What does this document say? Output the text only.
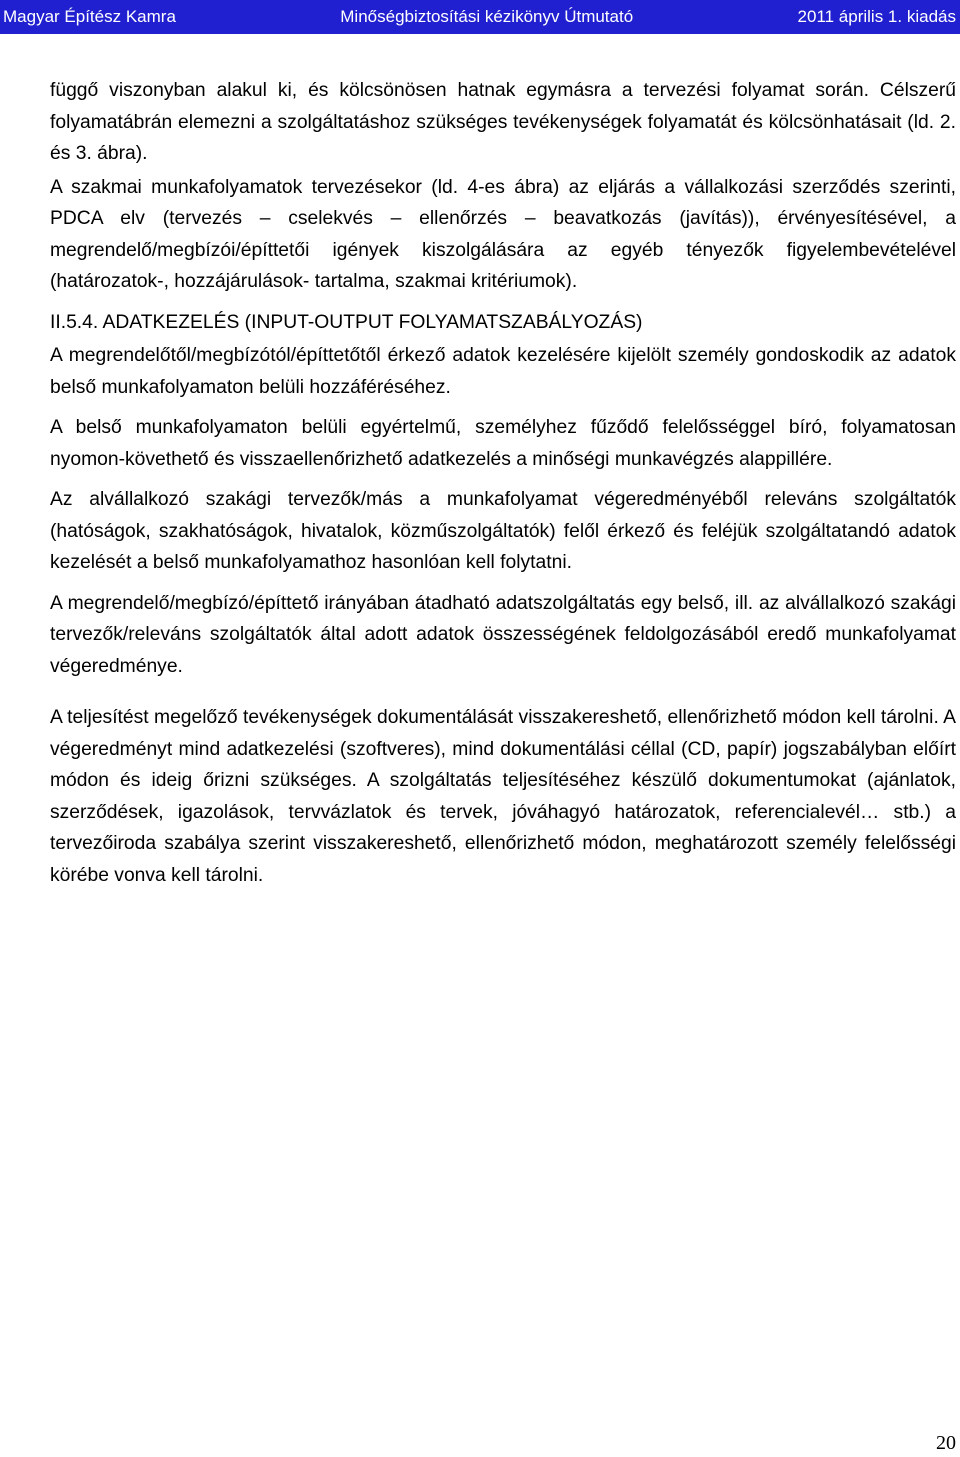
Magyar Építész Kamra	Minőségbiztosítási kézikönyv Útmutató	2011 április 1. kiadás

függő viszonyban alakul ki, és kölcsönösen hatnak egymásra a tervezési folyamat során. Célszerű folyamatábrán elemezni a szolgáltatáshoz szükséges tevékenységek folyamatát és kölcsönhatásait (ld. 2. és 3. ábra).

A szakmai munkafolyamatok tervezésekor (ld. 4-es ábra) az eljárás a vállalkozási szerződés szerinti, PDCA elv (tervezés – cselekvés – ellenőrzés – beavatkozás (javítás)), érvényesítésével, a megrendelő/megbízói/építtetői igények kiszolgálására az egyéb tényezők figyelembevételével (határozatok-, hozzájárulások- tartalma, szakmai kritériumok).

II.5.4. ADATKEZELÉS (INPUT-OUTPUT FOLYAMATSZABÁLYOZÁS)

A megrendelőtől/megbízótól/építtetőtől érkező adatok kezelésére kijelölt személy gondoskodik az adatok belső munkafolyamaton belüli hozzáféréséhez.

A belső munkafolyamaton belüli egyértelmű, személyhez fűződő felelősséggel bíró, folyamatosan nyomon-követhető és visszaellenőrizhető adatkezelés a minőségi munkavégzés alappillére.

Az alvállalkozó szakági tervezők/más a munkafolyamat végeredményéből releváns szolgáltatók (hatóságok, szakhatóságok, hivatalok, közműszolgáltatók) felől érkező és feléjük szolgáltatandó adatok kezelését a belső munkafolyamathoz hasonlóan kell folytatni.

A megrendelő/megbízó/építtető irányában átadható adatszolgáltatás egy belső, ill. az alvállalkozó szakági tervezők/releváns szolgáltatók által adott adatok összességének feldolgozásából eredő munkafolyamat végeredménye.

A teljesítést megelőző tevékenységek dokumentálását visszakereshető, ellenőrizhető módon kell tárolni. A végeredményt mind adatkezelési (szoftveres), mind dokumentálási céllal (CD, papír) jogszabályban előírt módon és ideig őrizni szükséges. A szolgáltatás teljesítéséhez készülő dokumentumokat (ajánlatok, szerződések, igazolások, tervvázlatok és tervek, jóváhagyó határozatok, referencialevél… stb.) a tervezőiroda szabálya szerint visszakereshető, ellenőrizhető módon, meghatározott személy felelősségi körébe vonva kell tárolni.

20
